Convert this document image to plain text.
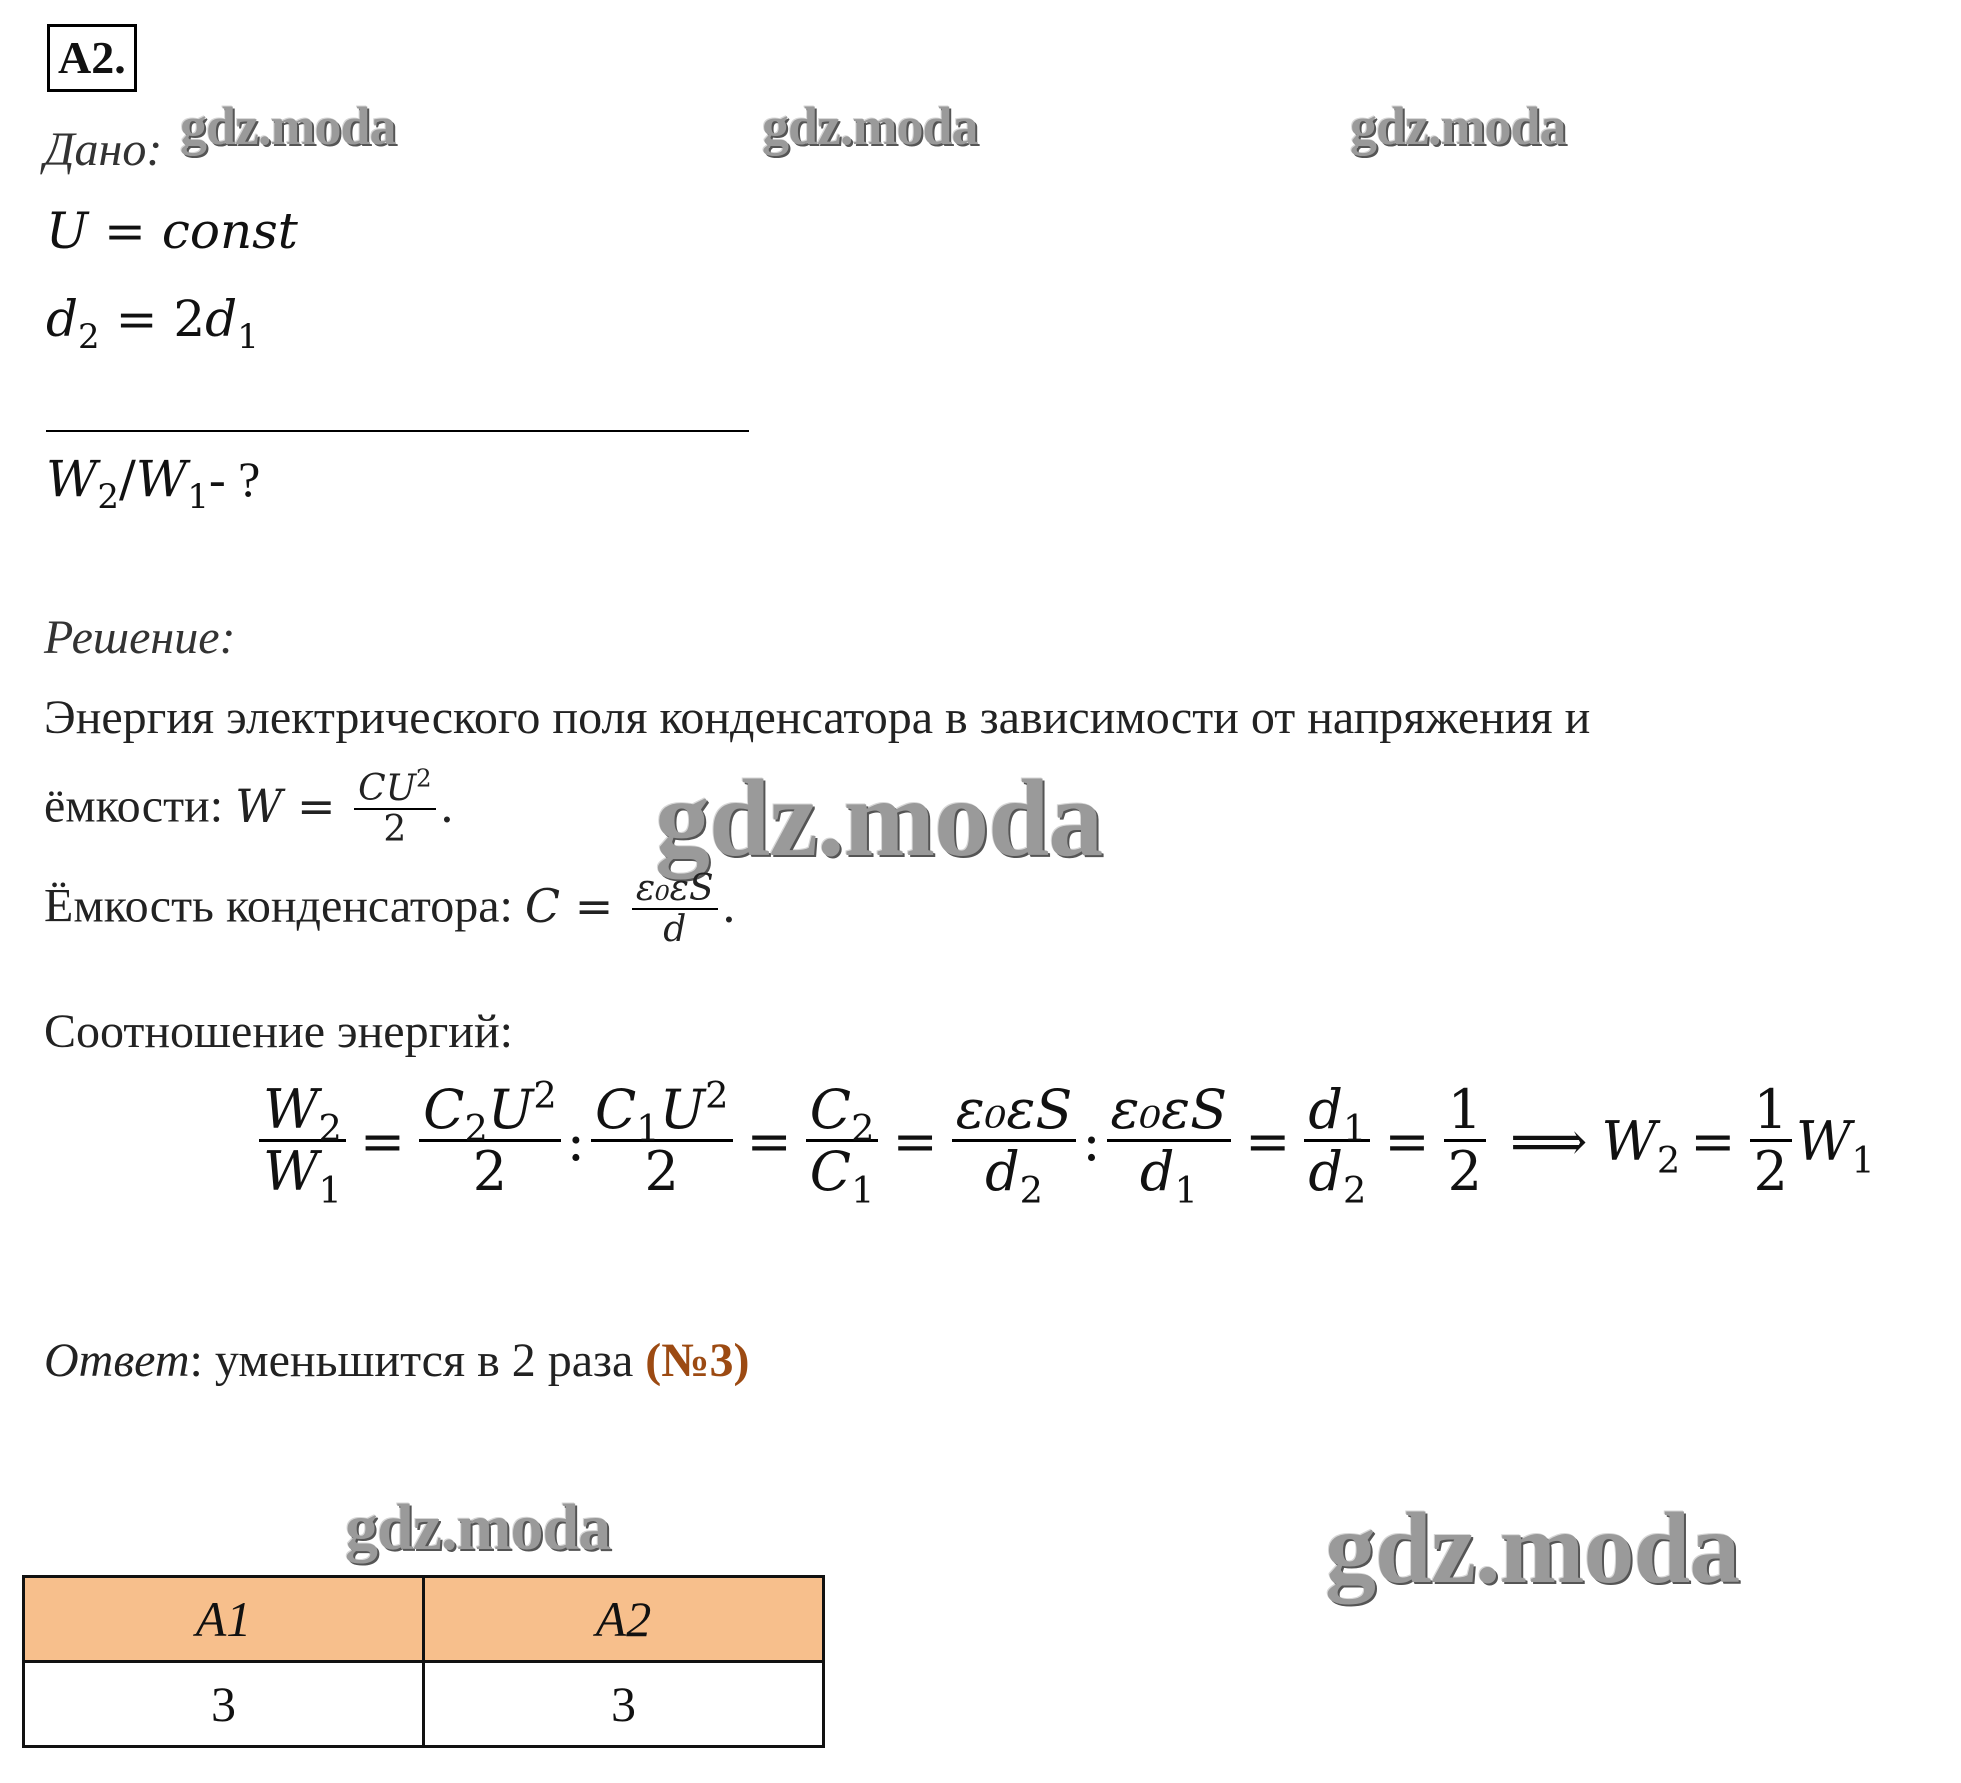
A2.
gdz.moda	gdz.moda	gdz.moda
gdz.moda
gdz.moda	gdz.moda
Дано:
U = const
$d_2 = 2d_1$
$W_2/W_1-$ ?
Решение:
Энергия электрического поля конденсатора в зависимости от напряжения и
ёмкости: $W = \frac{CU^2}{2}$ .
Ёмкость конденсатора: $C = \frac{\text{ε₀εS}}{d}$ .
Соотношение энергий:
$\frac{W_2}{W_1} = \frac{C_2U^2}{2}$ : $\frac{C_1U^2}{2} = \frac{C_2}{C_1} = \frac{\text{ε₀εS}}{d_2}$ : $\frac{\text{ε₀εS}}{d_1} = \frac{d_1}{d_2} = \frac{1}{2}$ ⟹ $W_2 = \frac{1}{2} W_1$
Ответ: уменьшится в 2 раза (№3)
A1	A2
3	3
